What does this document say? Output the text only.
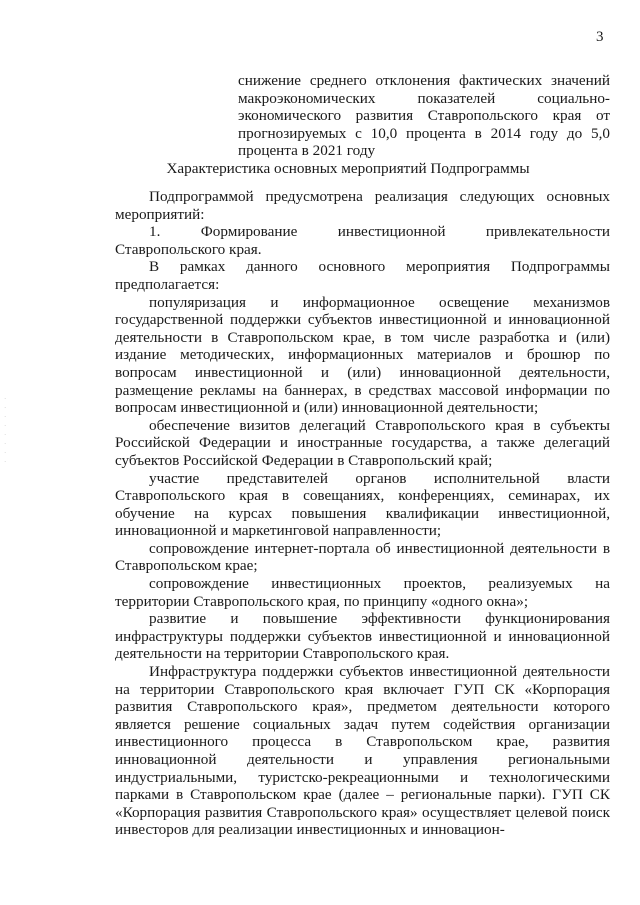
3
снижение среднего отклонения фактических значений макроэкономических показателей социально-экономического развития Ставропольского края от прогнозируемых с 10,0 процента в 2014 году до 5,0 процента в 2021 году
Характеристика основных мероприятий Подпрограммы

Подпрограммой предусмотрена реализация следующих основных мероприятий:

1. Формирование инвестиционной привлекательности Ставропольского края.

В рамках данного основного мероприятия Подпрограммы предполагается:

популяризация и информационное освещение механизмов государственной поддержки субъектов инвестиционной и инновационной деятельности в Ставропольском крае, в том числе разработка и (или) издание методических, информационных материалов и брошюр по вопросам инвестиционной и (или) инновационной деятельности, размещение рекламы на баннерах, в средствах массовой информации по вопросам инвестиционной и (или) инновационной деятельности;

обеспечение визитов делегаций Ставропольского края в субъекты Российской Федерации и иностранные государства, а также делегаций субъектов Российской Федерации в Ставропольский край;

участие представителей органов исполнительной власти Ставропольского края в совещаниях, конференциях, семинарах, их обучение на курсах повышения квалификации инвестиционной, инновационной и маркетинговой направленности;

сопровождение интернет-портала об инвестиционной деятельности в Ставропольском крае;

сопровождение инвестиционных проектов, реализуемых на территории Ставропольского края, по принципу «одного окна»;

развитие и повышение эффективности функционирования инфраструктуры поддержки субъектов инвестиционной и инновационной деятельности на территории Ставропольского края.

Инфраструктура поддержки субъектов инвестиционной деятельности на территории Ставропольского края включает ГУП СК «Корпорация развития Ставропольского края», предметом деятельности которого является решение социальных задач путем содействия организации инвестиционного процесса в Ставропольском крае, развития инновационной деятельности и управления региональными индустриальными, туристско-рекреационными и технологическими парками в Ставропольском крае (далее – региональные парки). ГУП СК «Корпорация развития Ставропольского края» осуществляет целевой поиск инвесторов для реализации инвестиционных и инновацион-

·
·
·
·
·
·
·
·
